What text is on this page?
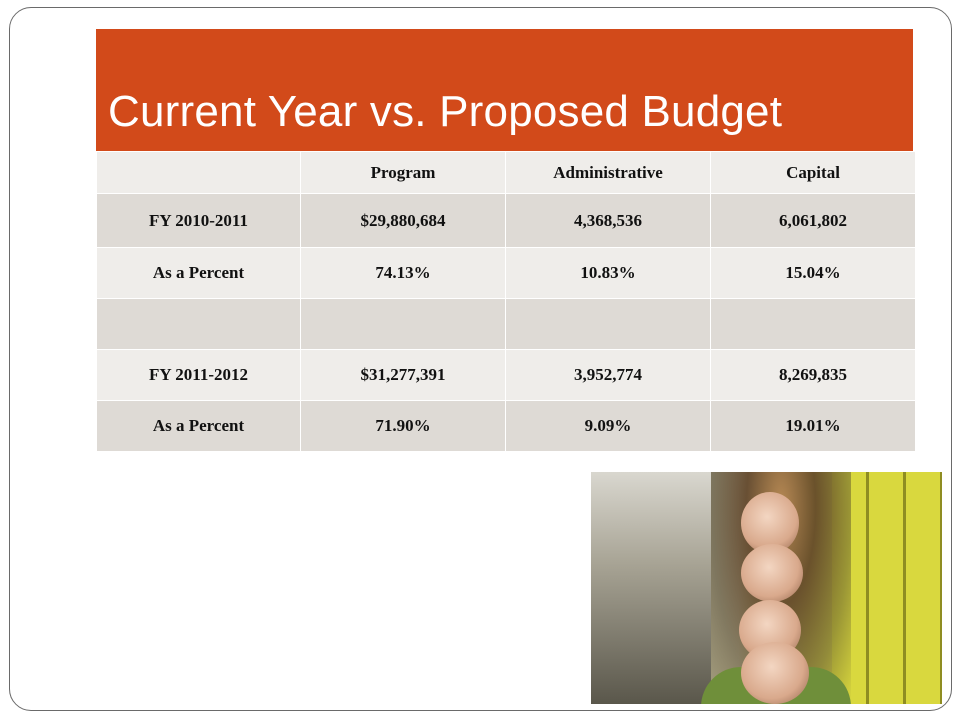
Current Year vs. Proposed Budget
	Program	Administrative	Capital
FY 2010-2011	$29,880,684	4,368,536	6,061,802
As a Percent	74.13%	10.83%	15.04%

FY 2011-2012	$31,277,391	3,952,774	8,269,835
As a Percent	71.90%	9.09%	19.01%
